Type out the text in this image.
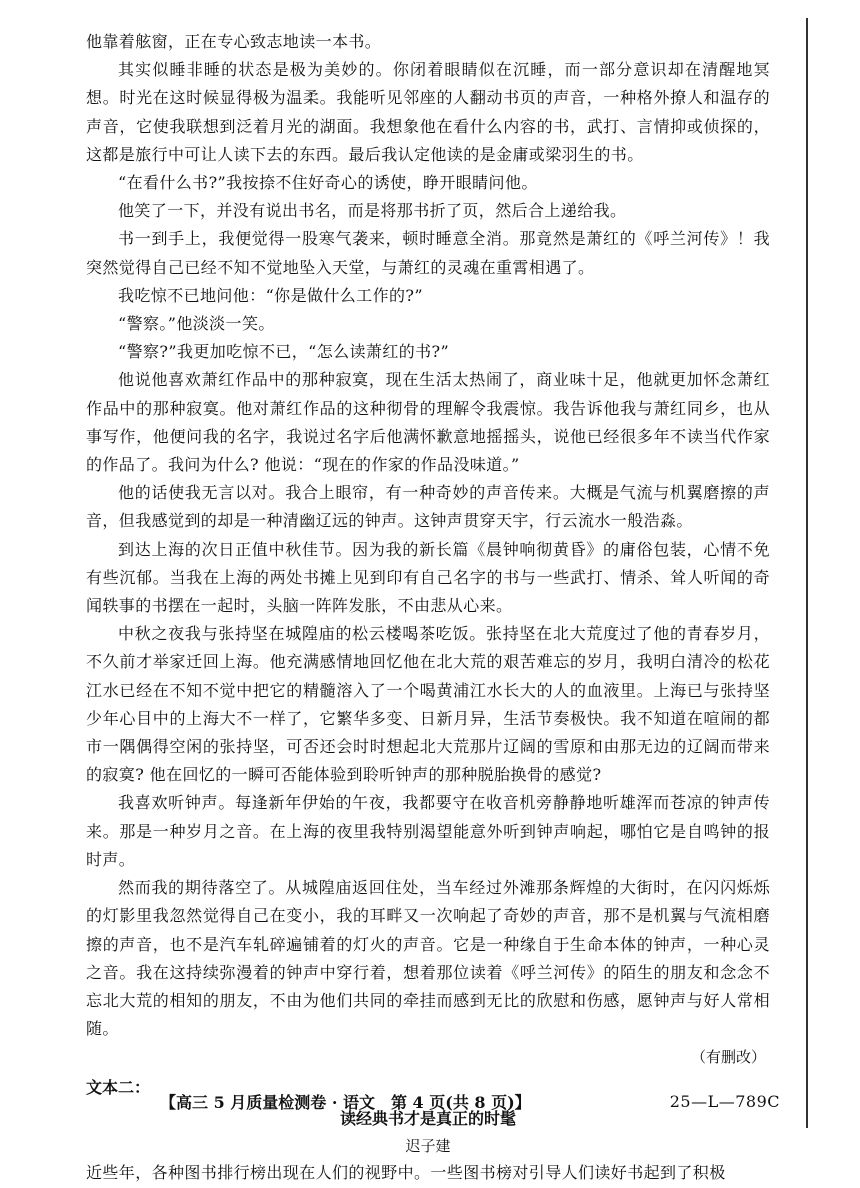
他靠着舷窗，正在专心致志地读一本书。

其实似睡非睡的状态是极为美妙的。你闭着眼睛似在沉睡，而一部分意识却在清醒地冥想。时光在这时候显得极为温柔。我能听见邻座的人翻动书页的声音，一种格外撩人和温存的声音，它使我联想到泛着月光的湖面。我想象他在看什么内容的书，武打、言情抑或侦探的，这都是旅行中可让人读下去的东西。最后我认定他读的是金庸或梁羽生的书。

“在看什么书?”我按捺不住好奇心的诱使，睁开眼睛问他。

他笑了一下，并没有说出书名，而是将那书折了页，然后合上递给我。

书一到手上，我便觉得一股寒气袭来，顿时睡意全消。那竟然是萧红的《呼兰河传》！我突然觉得自己已经不知不觉地坠入天堂，与萧红的灵魂在重霄相遇了。

我吃惊不已地问他：“你是做什么工作的?”

“警察。”他淡淡一笑。

“警察?”我更加吃惊不已，“怎么读萧红的书?”

他说他喜欢萧红作品中的那种寂寞，现在生活太热闹了，商业味十足，他就更加怀念萧红作品中的那种寂寞。他对萧红作品的这种彻骨的理解令我震惊。我告诉他我与萧红同乡，也从事写作，他便问我的名字，我说过名字后他满怀歉意地摇摇头，说他已经很多年不读当代作家的作品了。我问为什么? 他说：“现在的作家的作品没味道。”

他的话使我无言以对。我合上眼帘，有一种奇妙的声音传来。大概是气流与机翼磨擦的声音，但我感觉到的却是一种清幽辽远的钟声。这钟声贯穿天宇，行云流水一般浩淼。

到达上海的次日正值中秋佳节。因为我的新长篇《晨钟响彻黄昏》的庸俗包装，心情不免有些沉郁。当我在上海的两处书摊上见到印有自己名字的书与一些武打、情杀、耸人听闻的奇闻轶事的书摆在一起时，头脑一阵阵发胀，不由悲从心来。

中秋之夜我与张持坚在城隍庙的松云楼喝茶吃饭。张持坚在北大荒度过了他的青春岁月，不久前才举家迁回上海。他充满感情地回忆他在北大荒的艰苦难忘的岁月，我明白清冷的松花江水已经在不知不觉中把它的精髓溶入了一个喝黄浦江水长大的人的血液里。上海已与张持坚少年心目中的上海大不一样了，它繁华多变、日新月异，生活节奏极快。我不知道在喧闹的都市一隅偶得空闲的张持坚，可否还会时时想起北大荒那片辽阔的雪原和由那无边的辽阔而带来的寂寞? 他在回忆的一瞬可否能体验到聆听钟声的那种脱胎换骨的感觉?

我喜欢听钟声。每逢新年伊始的午夜，我都要守在收音机旁静静地听雄浑而苍凉的钟声传来。那是一种岁月之音。在上海的夜里我特别渴望能意外听到钟声响起，哪怕它是自鸣钟的报时声。

然而我的期待落空了。从城隍庙返回住处，当车经过外滩那条辉煌的大街时，在闪闪烁烁的灯影里我忽然觉得自己在变小，我的耳畔又一次响起了奇妙的声音，那不是机翼与气流相磨擦的声音，也不是汽车轧碎遍铺着的灯火的声音。它是一种缘自于生命本体的钟声，一种心灵之音。我在这持续弥漫着的钟声中穿行着，想着那位读着《呼兰河传》的陌生的朋友和念念不忘北大荒的相知的朋友，不由为他们共同的牵挂而感到无比的欣慰和伤感，愿钟声与好人常相随。

（有删改）

文本二：

读经典书才是真正的时髦

迟子建

近些年，各种图书排行榜出现在人们的视野中。一些图书榜对引导人们读好书起到了积极

【高三 5 月质量检测卷 · 语文　第 4 页(共 8 页)】	25—L—789C
